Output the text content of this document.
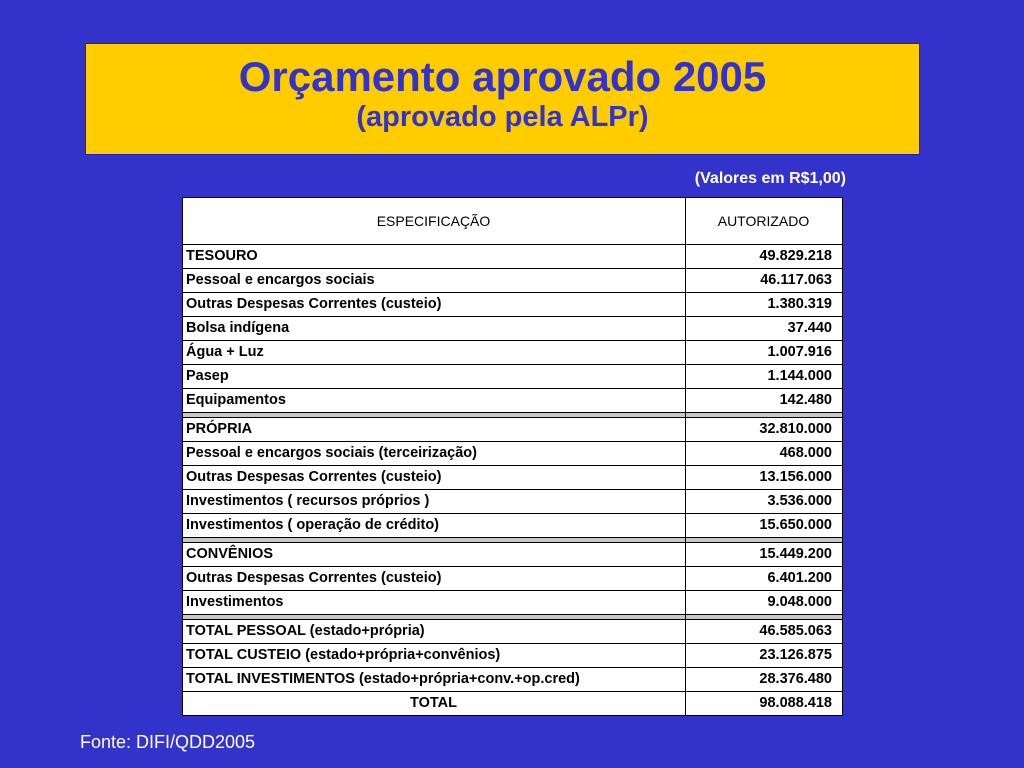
Orçamento aprovado 2005
(aprovado pela ALPr)
(Valores em R$1,00)
ESPECIFICAÇÃO	AUTORIZADO
TESOURO	49.829.218
Pessoal e encargos sociais	46.117.063
Outras Despesas Correntes (custeio)	1.380.319
Bolsa indígena	37.440
Água + Luz	1.007.916
Pasep	1.144.000
Equipamentos	142.480

PRÓPRIA	32.810.000
Pessoal e encargos sociais (terceirização)	468.000
Outras Despesas Correntes (custeio)	13.156.000
Investimentos ( recursos próprios )	3.536.000
Investimentos ( operação de crédito)	15.650.000

CONVÊNIOS	15.449.200
Outras Despesas Correntes (custeio)	6.401.200
Investimentos	9.048.000

TOTAL PESSOAL (estado+própria)	46.585.063
TOTAL CUSTEIO (estado+própria+convênios)	23.126.875
TOTAL INVESTIMENTOS (estado+própria+conv.+op.cred)	28.376.480
TOTAL	98.088.418
Fonte: DIFI/QDD2005
